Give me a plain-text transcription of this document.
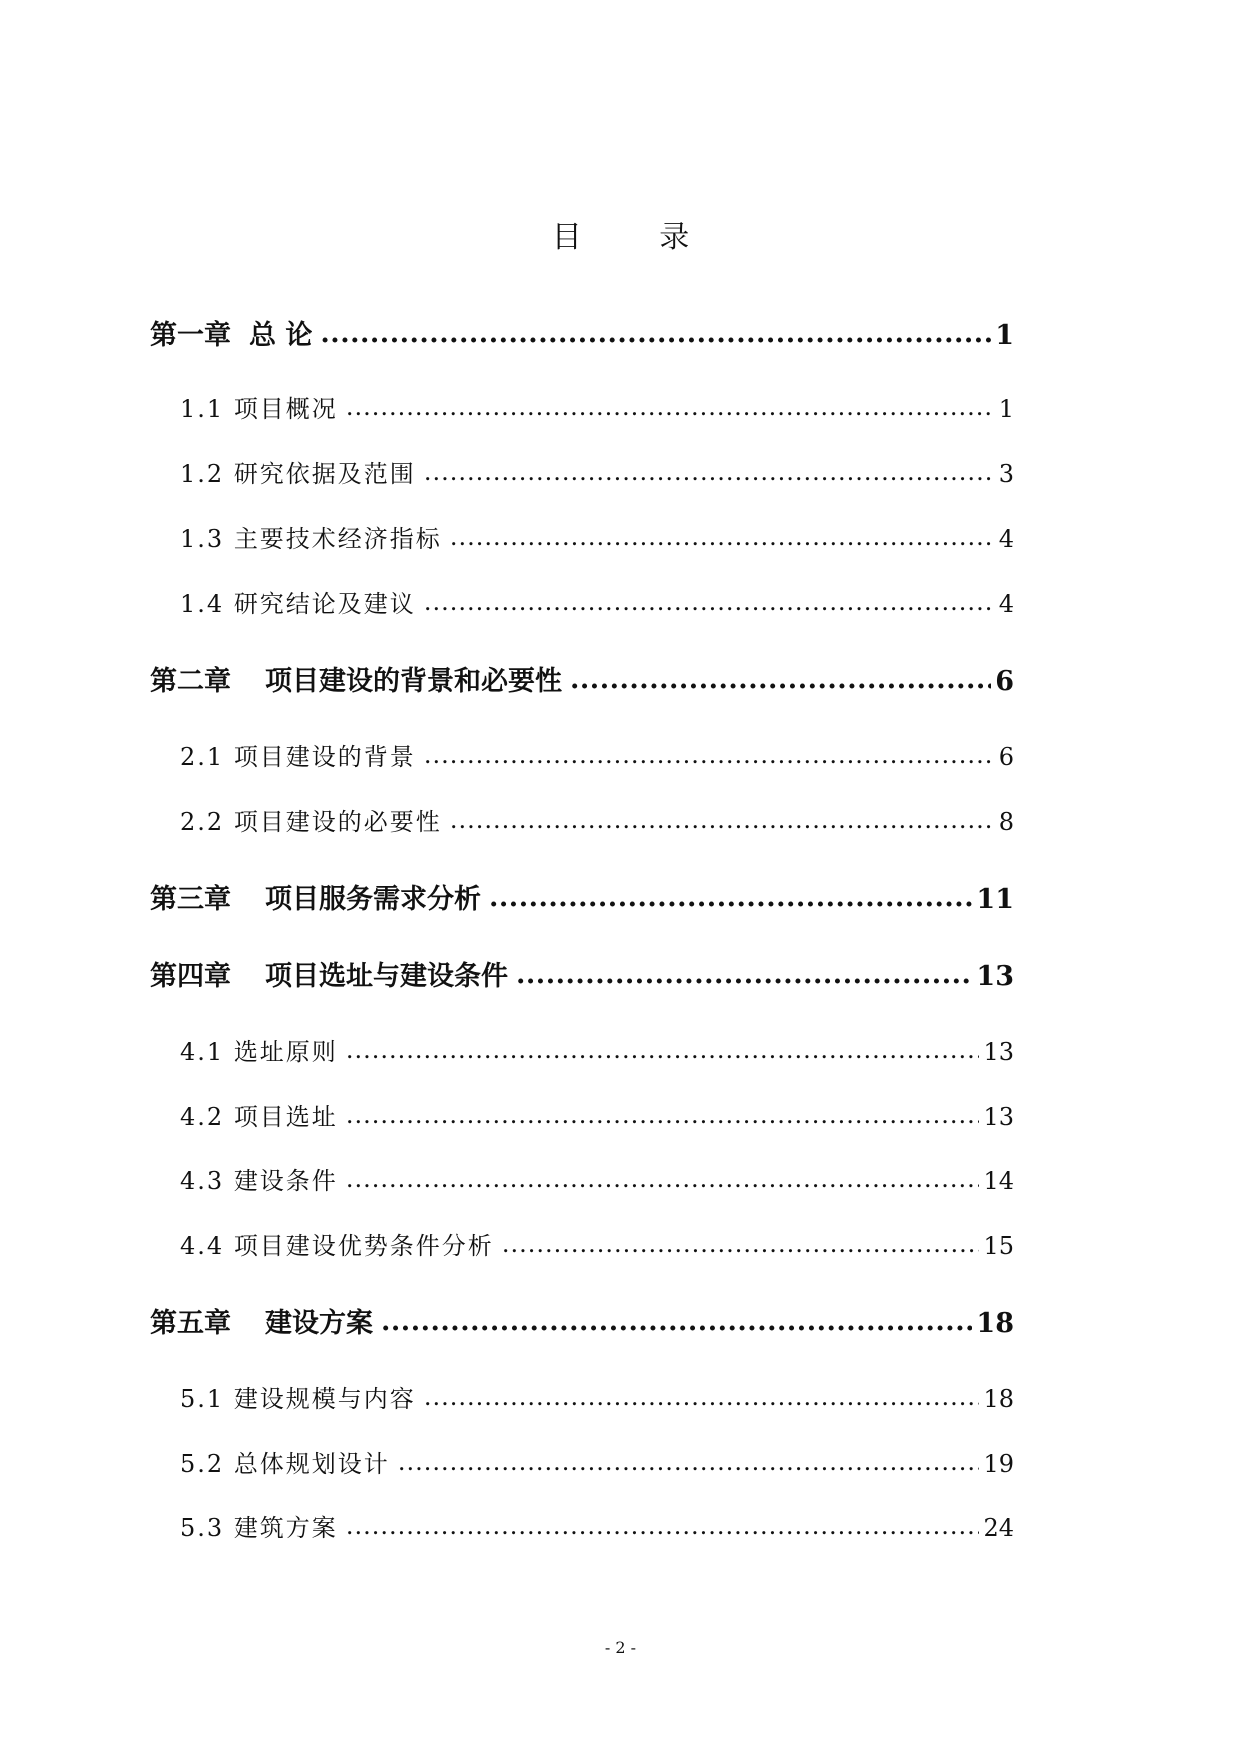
目 录
第一章 总 论 .....	1
1.1 项目概况 .....	1
1.2 研究依据及范围 .....	3
1.3 主要技术经济指标 .....	4
1.4 研究结论及建议 .....	4
第二章 项目建设的背景和必要性 .....	6
2.1 项目建设的背景 .....	6
2.2 项目建设的必要性 .....	8
第三章 项目服务需求分析 .....	11
第四章 项目选址与建设条件 .....	13
4.1 选址原则 .....	13
4.2 项目选址 .....	13
4.3 建设条件 .....	14
4.4 项目建设优势条件分析 .....	15
第五章 建设方案 .....	18
5.1 建设规模与内容 .....	18
5.2 总体规划设计 .....	19
5.3 建筑方案 .....	24
- 2 -
